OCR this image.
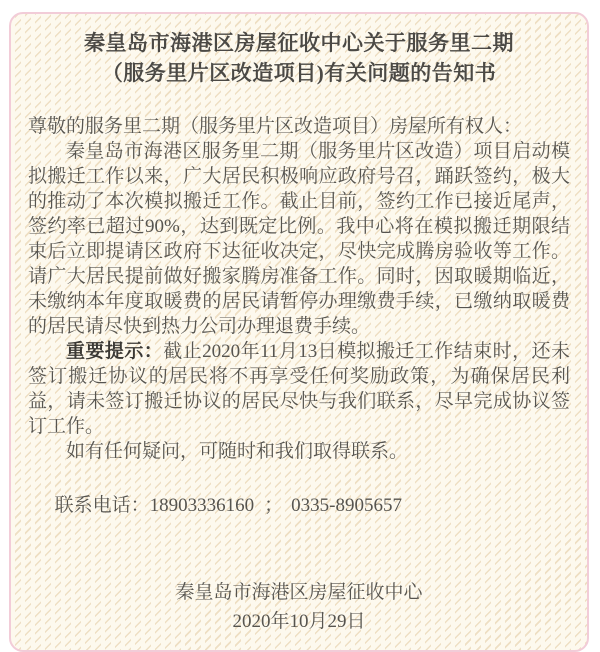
秦皇岛市海港区房屋征收中心关于服务里二期
（服务里片区改造项目)有关问题的告知书

尊敬的服务里二期（服务里片区改造项目）房屋所有权人：

秦皇岛市海港区服务里二期（服务里片区改造）项目启动模拟搬迁工作以来，广大居民积极响应政府号召，踊跃签约，极大的推动了本次模拟搬迁工作。截止目前，签约工作已接近尾声，签约率已超过90%，达到既定比例。我中心将在模拟搬迁期限结束后立即提请区政府下达征收决定，尽快完成腾房验收等工作。请广大居民提前做好搬家腾房准备工作。同时，因取暖期临近，未缴纳本年度取暖费的居民请暂停办理缴费手续，已缴纳取暖费的居民请尽快到热力公司办理退费手续。

重要提示：截止2020年11月13日模拟搬迁工作结束时，还未签订搬迁协议的居民将不再享受任何奖励政策，为确保居民利益，请未签订搬迁协议的居民尽快与我们联系，尽早完成协议签订工作。

如有任何疑问，可随时和我们取得联系。

联系电话：18903336160 ； 0335-8905657

秦皇岛市海港区房屋征收中心

2020年10月29日
